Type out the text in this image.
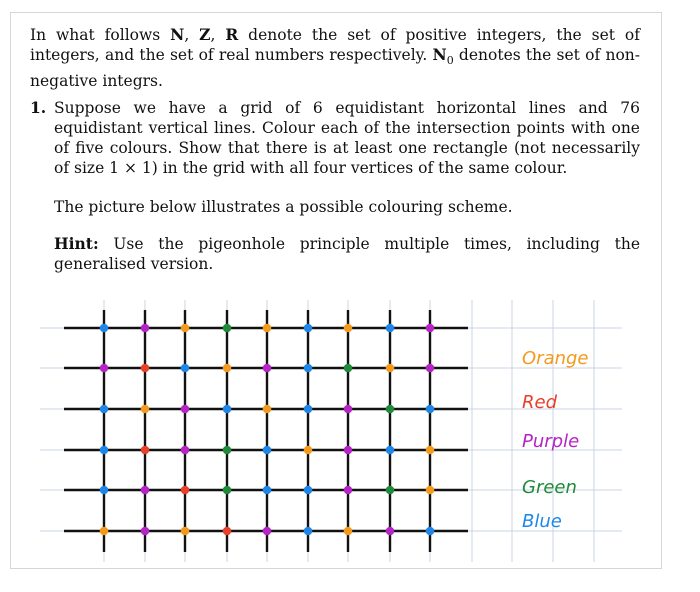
In what follows N, Z, R denote the set of positive integers, the set of integers, and the set of real numbers respectively. $N_0$ denotes the set of non-negative integrs.
1. Suppose we have a grid of 6 equidistant horizontal lines and 76 equidistant vertical lines. Colour each of the intersection points with one of five colours. Show that there is at least one rectangle (not necessarily of size 1 × 1) in the grid with all four vertices of the same colour.

The picture below illustrates a possible colouring scheme.

Hint: Use the pigeonhole principle multiple times, including the generalised version.

Orange
Red
Purple
Green
Blue
